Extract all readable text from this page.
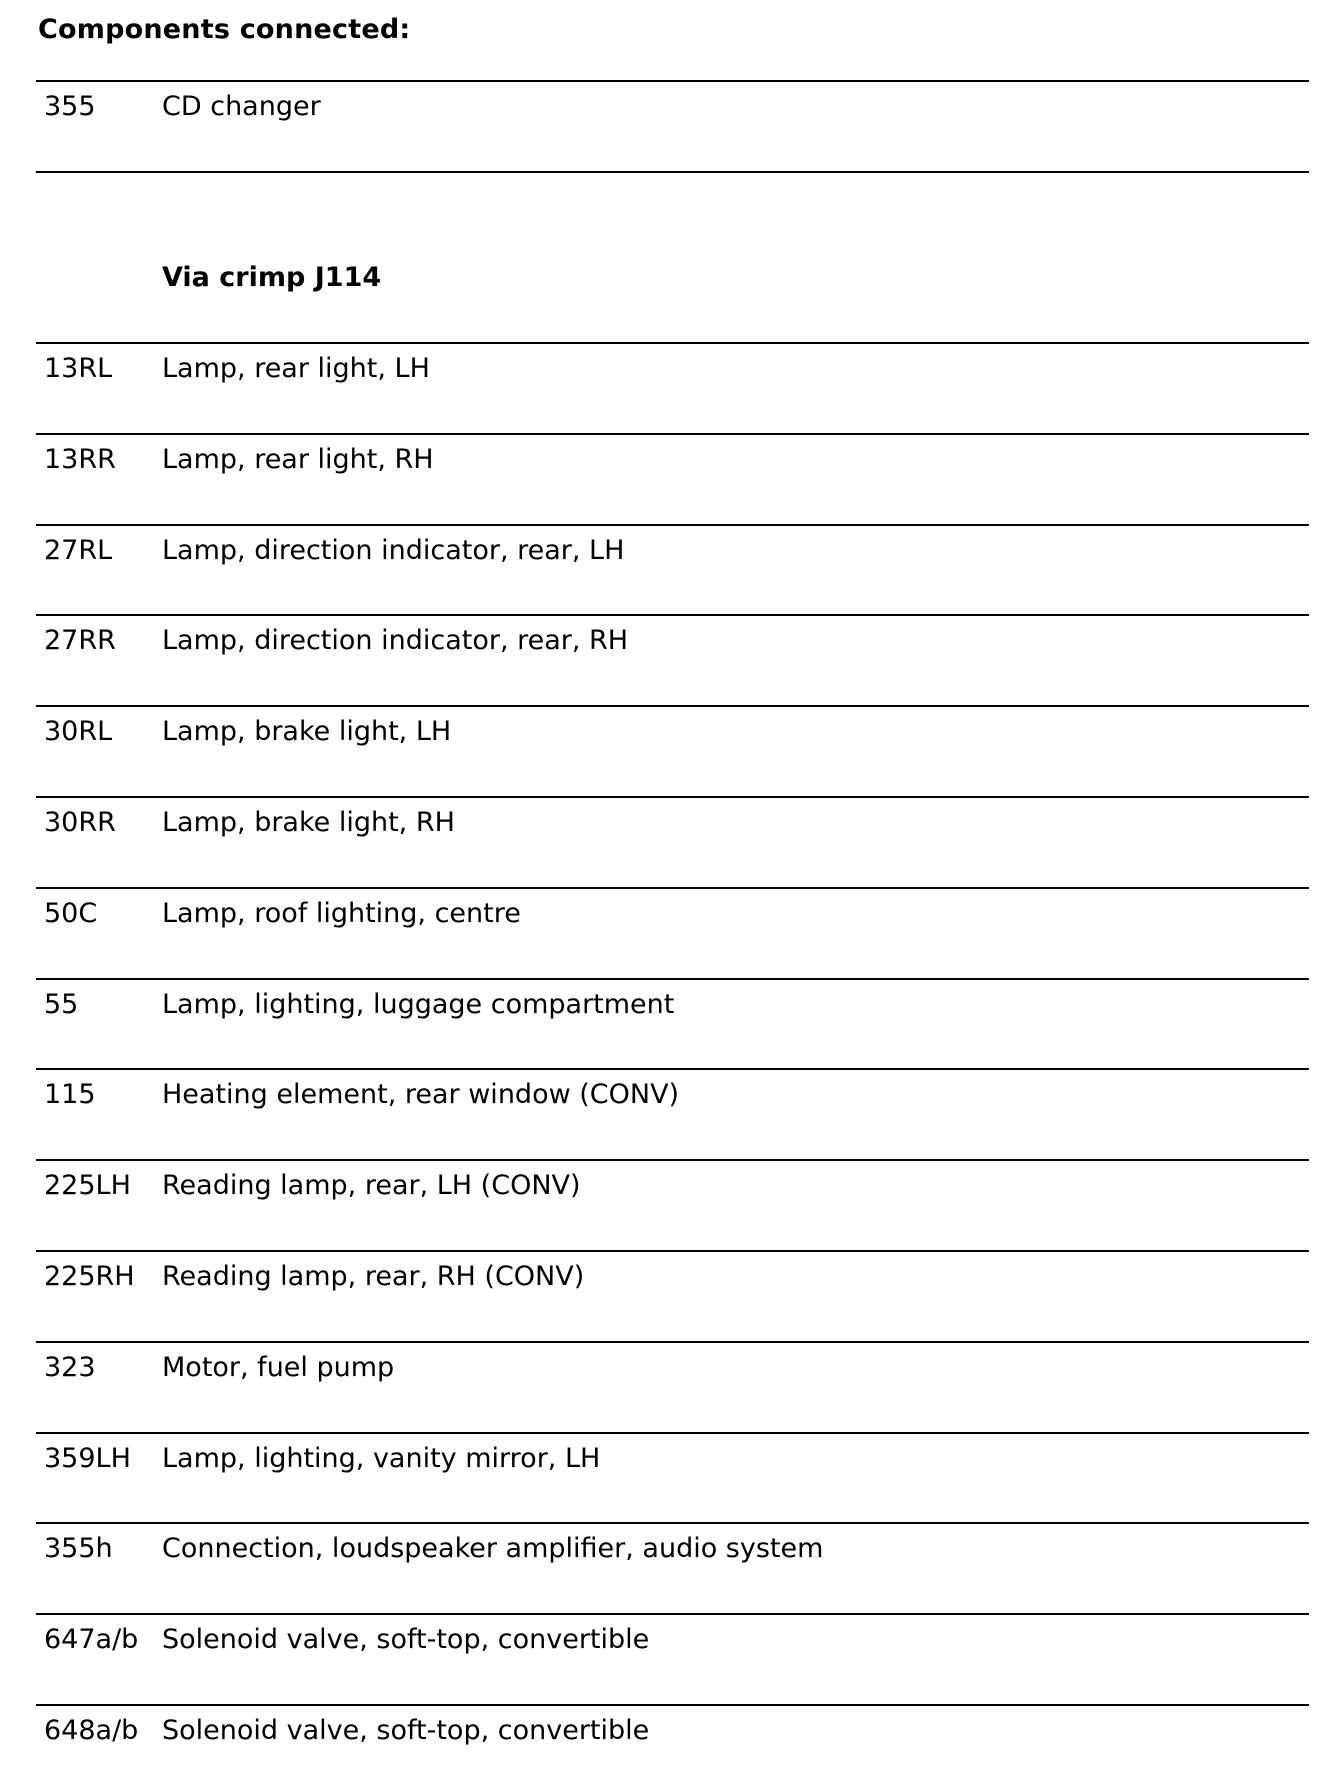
Components connected:
355 CD changer
Via crimp J114
13RL Lamp, rear light, LH
13RR Lamp, rear light, RH
27RL Lamp, direction indicator, rear, LH
27RR Lamp, direction indicator, rear, RH
30RL Lamp, brake light, LH
30RR Lamp, brake light, RH
50C Lamp, roof lighting, centre
55	Lamp, lighting, luggage compartment
115 Heating element, rear window (CONV)
225LH Reading lamp, rear, LH (CONV)
225RH Reading lamp, rear, RH (CONV)
323 Motor, fuel pump
359LH Lamp, lighting, vanity mirror, LH
355h Connection, loudspeaker amplifier, audio system
647a/b Solenoid valve, soft-top, convertible
648a/b Solenoid valve, soft-top, convertible
